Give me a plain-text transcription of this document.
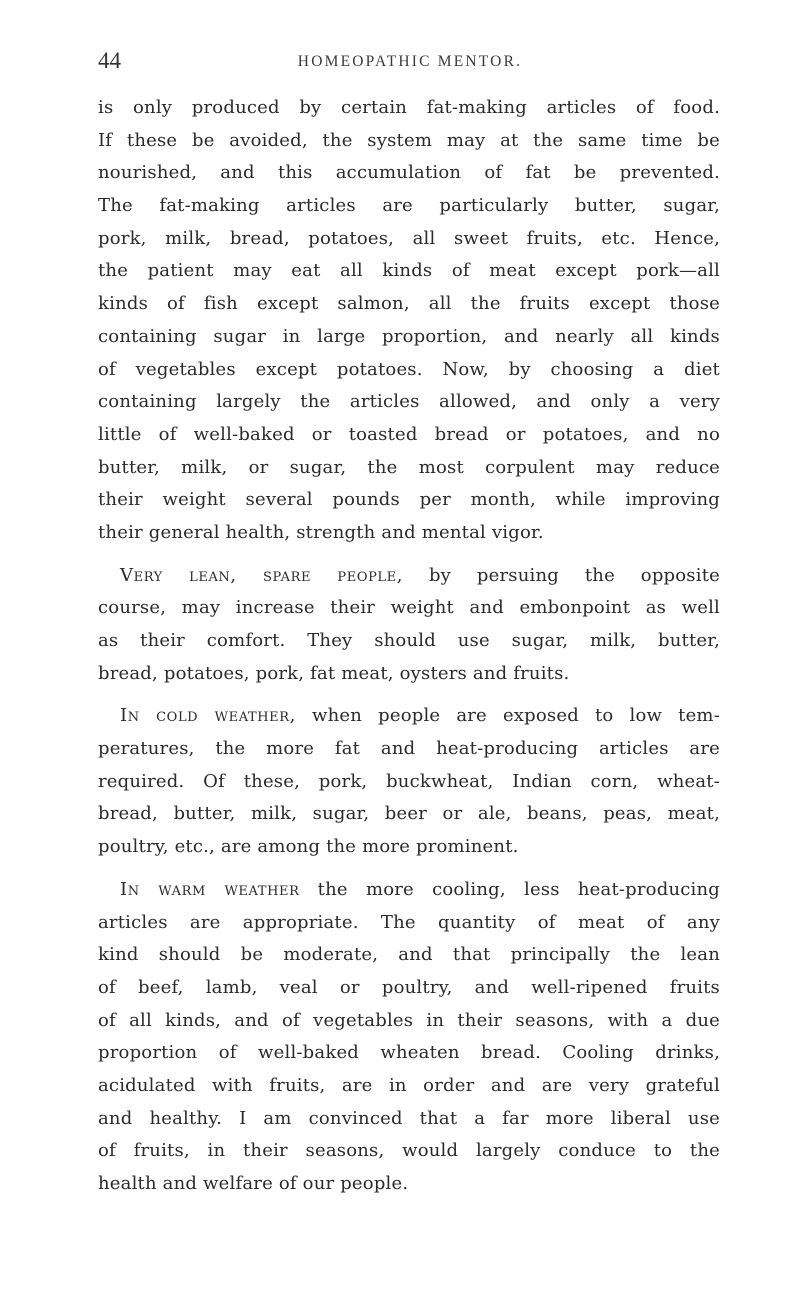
44	HOMEOPATHIC MENTOR.
is only produced by certain fat-making articles of food.
If these be avoided, the system may at the same time be
nourished, and this accumulation of fat be prevented.
The fat-making articles are particularly butter, sugar,
pork, milk, bread, potatoes, all sweet fruits, etc. Hence,
the patient may eat all kinds of meat except pork—all
kinds of fish except salmon, all the fruits except those
containing sugar in large proportion, and nearly all kinds
of vegetables except potatoes. Now, by choosing a diet
containing largely the articles allowed, and only a very
little of well-baked or toasted bread or potatoes, and no
butter, milk, or sugar, the most corpulent may reduce
their weight several pounds per month, while improving
their general health, strength and mental vigor.
Very lean, spare people, by persuing the opposite
course, may increase their weight and embonpoint as well
as their comfort. They should use sugar, milk, butter,
bread, potatoes, pork, fat meat, oysters and fruits.
In cold weather, when people are exposed to low tem-
peratures, the more fat and heat-producing articles are
required. Of these, pork, buckwheat, Indian corn, wheat-
bread, butter, milk, sugar, beer or ale, beans, peas, meat,
poultry, etc., are among the more prominent.
In warm weather the more cooling, less heat-producing
articles are appropriate. The quantity of meat of any
kind should be moderate, and that principally the lean
of beef, lamb, veal or poultry, and well-ripened fruits
of all kinds, and of vegetables in their seasons, with a due
proportion of well-baked wheaten bread. Cooling drinks,
acidulated with fruits, are in order and are very grateful
and healthy. I am convinced that a far more liberal use
of fruits, in their seasons, would largely conduce to the
health and welfare of our people.
